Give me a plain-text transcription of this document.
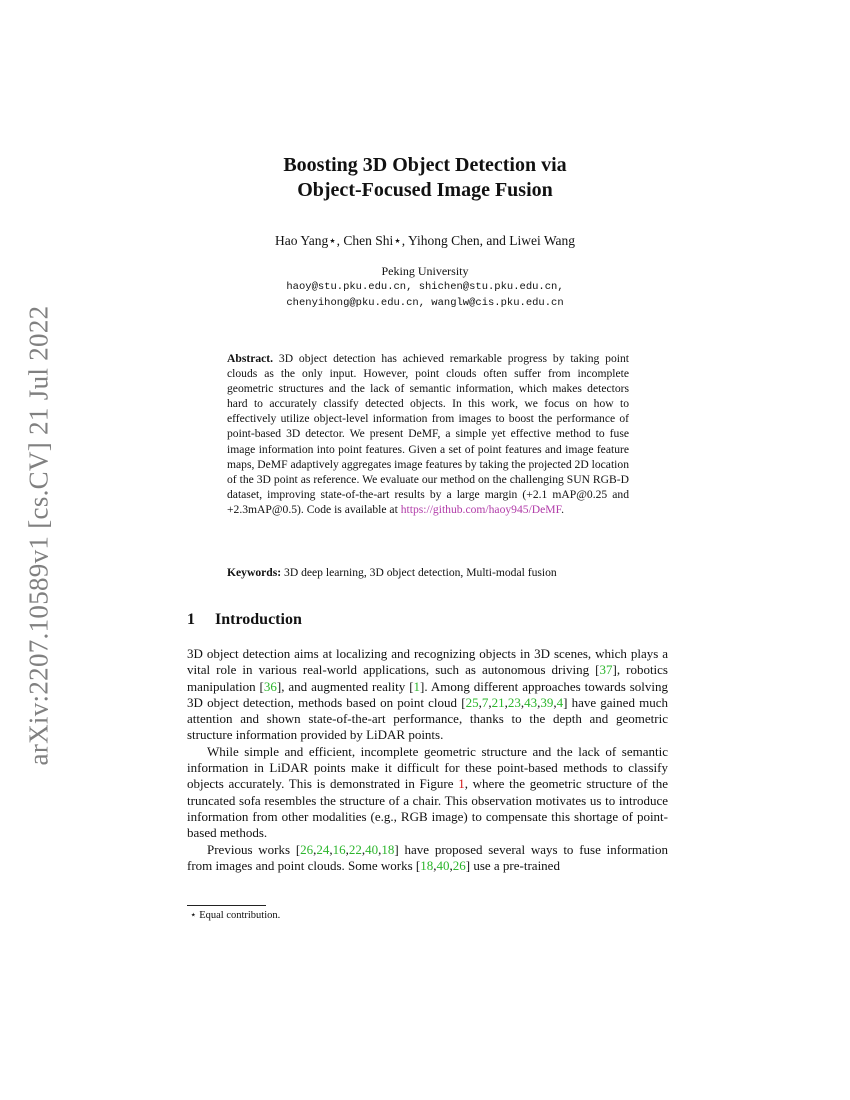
arXiv:2207.10589v1 [cs.CV] 21 Jul 2022
Boosting 3D Object Detection via
Object-Focused Image Fusion
Hao Yang⋆, Chen Shi⋆, Yihong Chen, and Liwei Wang
Peking University
haoy@stu.pku.edu.cn, shichen@stu.pku.edu.cn,
chenyihong@pku.edu.cn, wanglw@cis.pku.edu.cn
Abstract. 3D object detection has achieved remarkable progress by taking point clouds as the only input. However, point clouds often suffer from incomplete geometric structures and the lack of semantic information, which makes detectors hard to accurately classify detected objects. In this work, we focus on how to effectively utilize object-level information from images to boost the performance of point-based 3D detector. We present DeMF, a simple yet effective method to fuse image information into point features. Given a set of point features and image feature maps, DeMF adaptively aggregates image features by taking the projected 2D location of the 3D point as reference. We evaluate our method on the challenging SUN RGB-D dataset, improving state-of-the-art results by a large margin (+2.1 mAP@0.25 and +2.3mAP@0.5). Code is available at https://github.com/haoy945/DeMF.
Keywords: 3D deep learning, 3D object detection, Multi-modal fusion
1 Introduction

3D object detection aims at localizing and recognizing objects in 3D scenes, which plays a vital role in various real-world applications, such as autonomous driving [37], robotics manipulation [36], and augmented reality [1]. Among different approaches towards solving 3D object detection, methods based on point cloud [25,7,21,23,43,39,4] have gained much attention and shown state-of-the-art performance, thanks to the depth and geometric structure information provided by LiDAR points.

While simple and efficient, incomplete geometric structure and the lack of semantic information in LiDAR points make it difficult for these point-based methods to classify objects accurately. This is demonstrated in Figure 1, where the geometric structure of the truncated sofa resembles the structure of a chair. This observation motivates us to introduce information from other modalities (e.g., RGB image) to compensate this shortage of point-based methods.

Previous works [26,24,16,22,40,18] have proposed several ways to fuse information from images and point clouds. Some works [18,40,26] use a pre-trained

⋆ Equal contribution.
